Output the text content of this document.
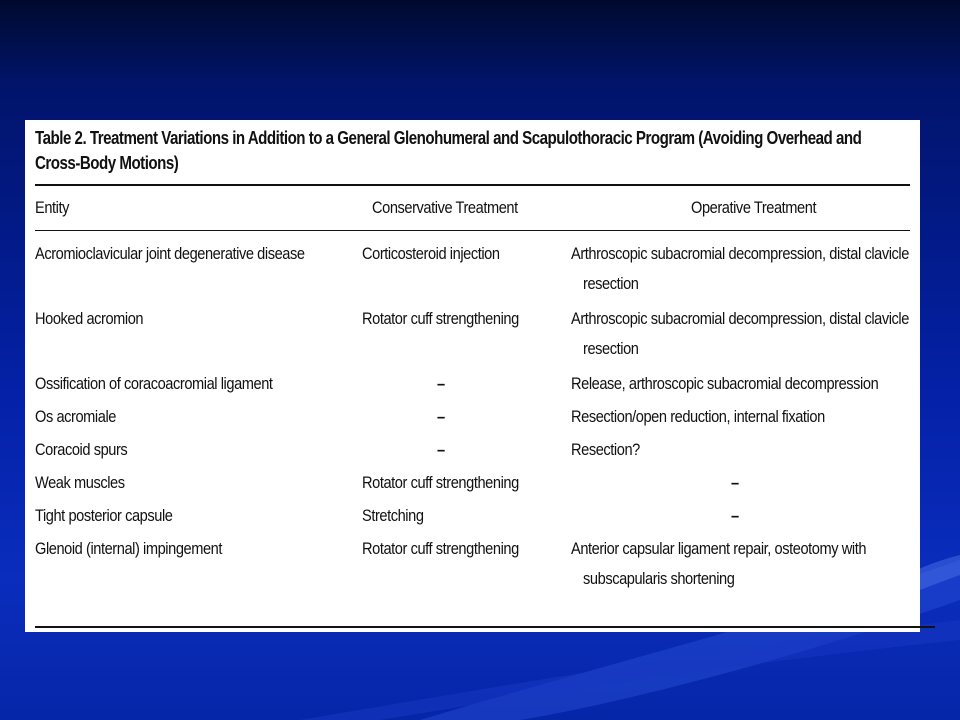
Table 2. Treatment Variations in Addition to a General Glenohumeral and Scapulothoracic Program (Avoiding Overhead and Cross-Body Motions)
Entity	Conservative Treatment	Operative Treatment

Acromioclavicular joint degenerative disease	Corticosteroid injection	Arthroscopic subacromial decompression, distal clavicle
resection

Hooked acromion	Rotator cuff strengthening	Arthroscopic subacromial decompression, distal clavicle
resection

Ossification of coracoacromial ligament	–	Release, arthroscopic subacromial decompression
Os acromiale	–	Resection/open reduction, internal fixation
Coracoid spurs	–	Resection?
Weak muscles	Rotator cuff strengthening	–
Tight posterior capsule	Stretching	–
Glenoid (internal) impingement	Rotator cuff strengthening	Anterior capsular ligament repair, osteotomy with
subscapularis shortening
